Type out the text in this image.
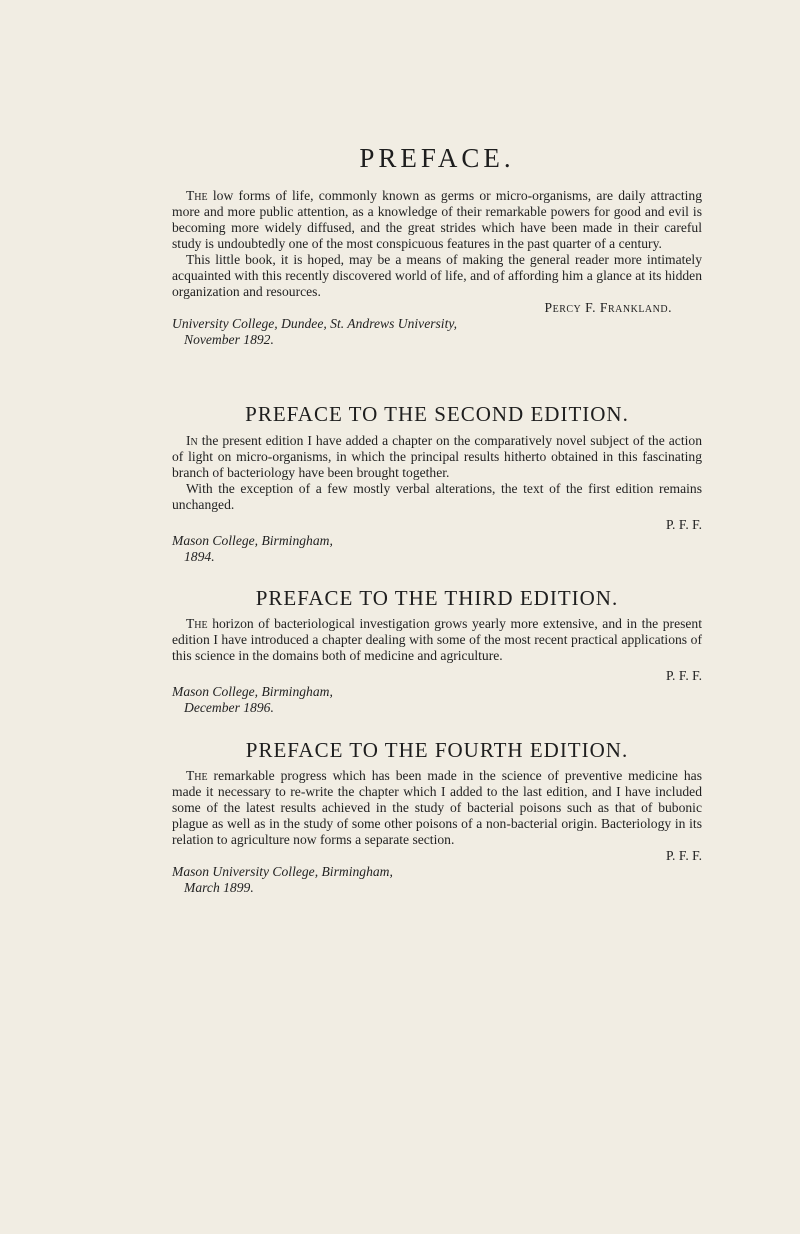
PREFACE.

The low forms of life, commonly known as germs or micro-organisms, are daily attracting more and more public attention, as a knowledge of their remarkable powers for good and evil is becoming more widely diffused, and the great strides which have been made in their careful study is undoubtedly one of the most conspicuous features in the past quarter of a century.

This little book, it is hoped, may be a means of making the general reader more intimately acquainted with this recently discovered world of life, and of affording him a glance at its hidden organization and resources.

Percy F. Frankland.
University College, Dundee, St. Andrews University,
November 1892.
PREFACE TO THE SECOND EDITION.

In the present edition I have added a chapter on the comparatively novel subject of the action of light on micro-organisms, in which the principal results hitherto obtained in this fascinating branch of bacteriology have been brought together.

With the exception of a few mostly verbal alterations, the text of the first edition remains unchanged.

P. F. F.
Mason College, Birmingham,
1894.
PREFACE TO THE THIRD EDITION.

The horizon of bacteriological investigation grows yearly more extensive, and in the present edition I have introduced a chapter dealing with some of the most recent practical applications of this science in the domains both of medicine and agriculture.

P. F. F.
Mason College, Birmingham,
December 1896.
PREFACE TO THE FOURTH EDITION.

The remarkable progress which has been made in the science of preventive medicine has made it necessary to re-write the chapter which I added to the last edition, and I have included some of the latest results achieved in the study of bacterial poisons such as that of bubonic plague as well as in the study of some other poisons of a non-bacterial origin. Bacteriology in its relation to agriculture now forms a separate section.

P. F. F.
Mason University College, Birmingham,
March 1899.
